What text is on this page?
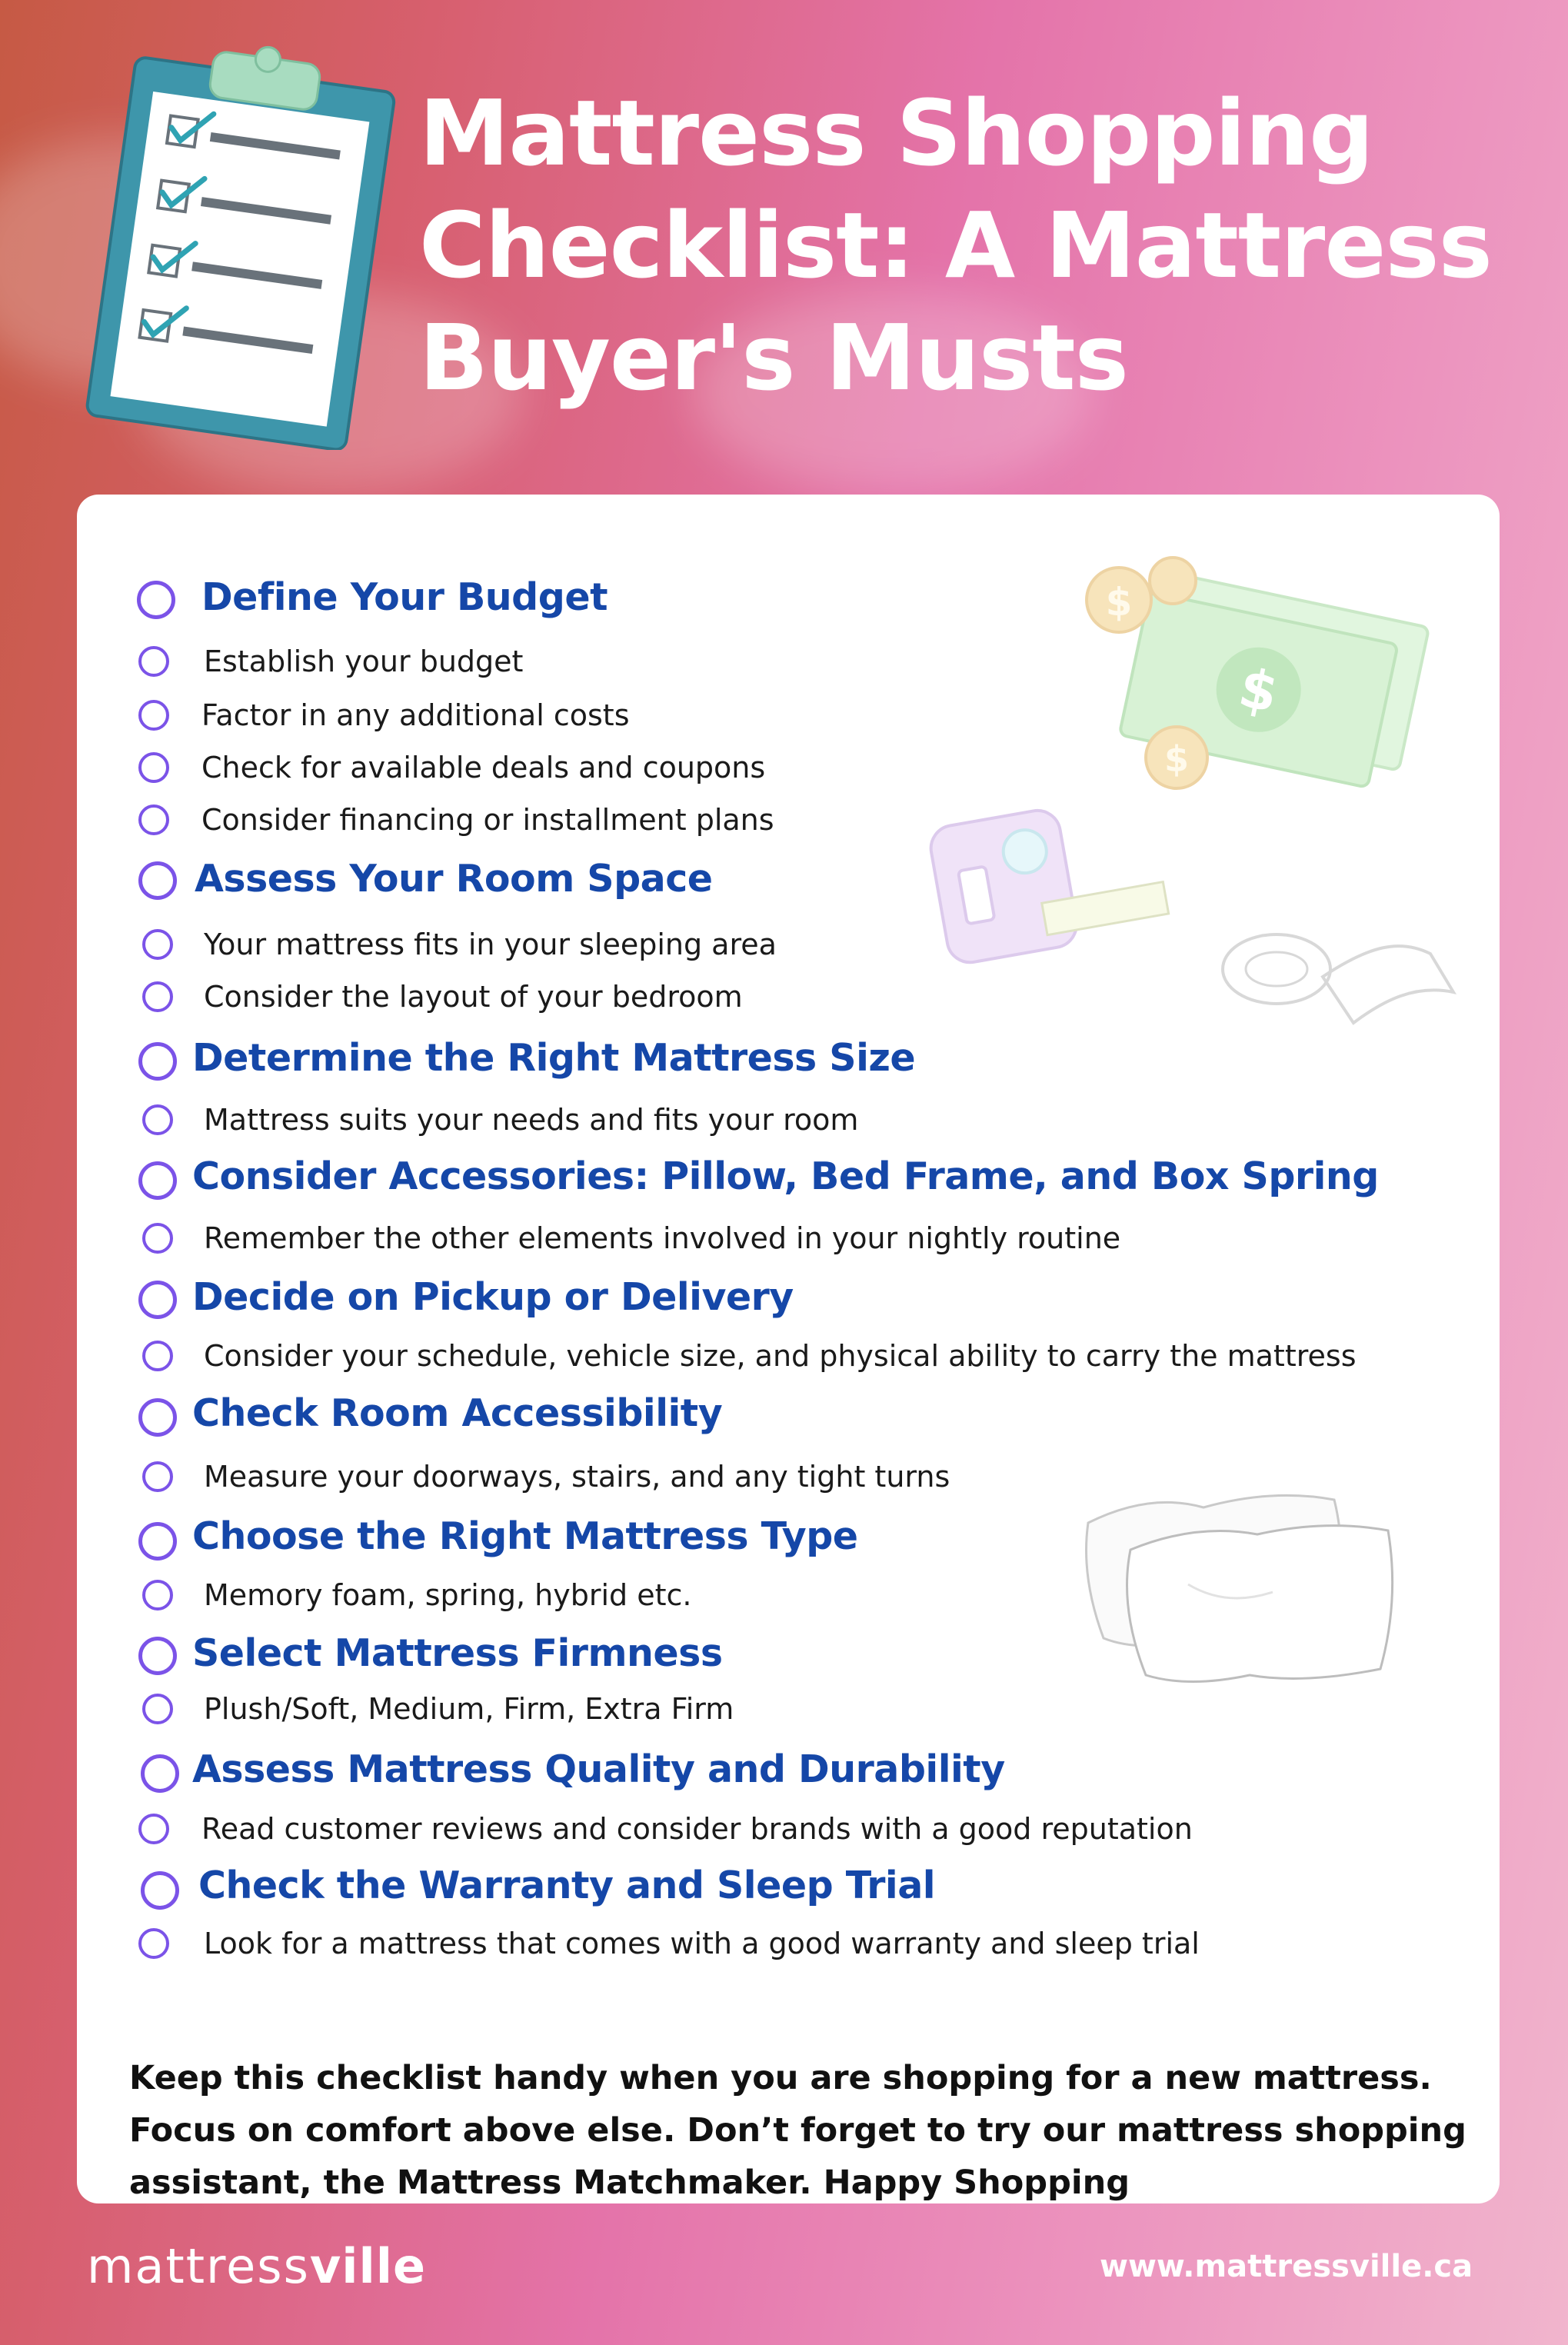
Mattress Shopping Checklist: A Mattress Buyer's Musts
$
$
$
Define Your Budget
Establish your budget
Factor in any additional costs
Check for available deals and coupons
Consider financing or installment plans
Assess Your Room Space
Your mattress fits in your sleeping area
Consider the layout of your bedroom
Determine the Right Mattress Size
Mattress suits your needs and fits your room
Consider Accessories: Pillow, Bed Frame, and Box Spring
Remember the other elements involved in your nightly routine
Decide on Pickup or Delivery
Consider your schedule, vehicle size, and physical ability to carry the mattress
Check Room Accessibility
Measure your doorways, stairs, and any tight turns
Choose the Right Mattress Type
Memory foam, spring, hybrid etc.
Select Mattress Firmness
Plush/Soft, Medium, Firm, Extra Firm
Assess Mattress Quality and Durability
Read customer reviews and consider brands with a good reputation
Check the Warranty and Sleep Trial
Look for a mattress that comes with a good warranty and sleep trial

Keep this checklist handy when you are shopping for a new mattress. Focus on comfort above else. Don’t forget to try our mattress shopping assistant, the Mattress Matchmaker. Happy Shopping

mattressville	www.mattressville.ca
